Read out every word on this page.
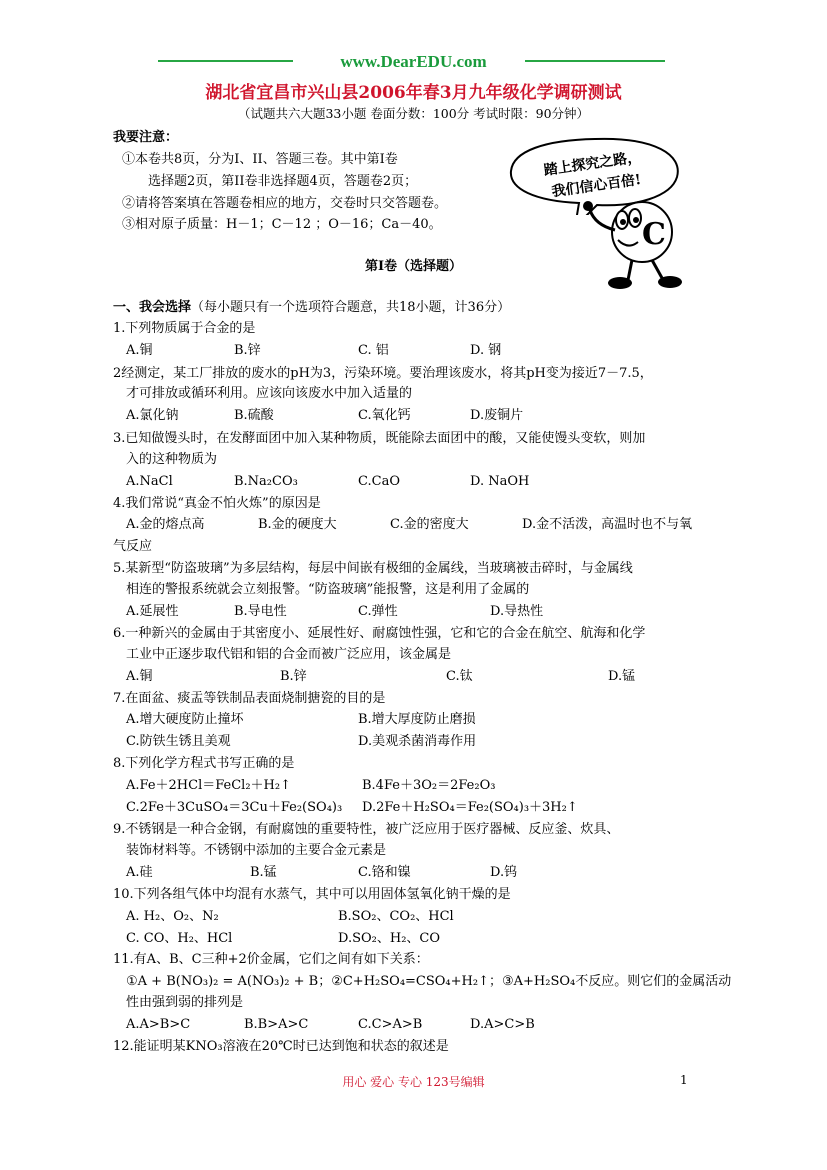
www.DearEDU.com
湖北省宜昌市兴山县2006年春3月九年级化学调研测试
（试题共六大题33小题 卷面分数：100分 考试时限：90分钟）
我要注意：
①本卷共8页，分为Ⅰ、II、答题三卷。其中第Ⅰ卷
选择题2页，第II卷非选择题4页，答题卷2页；
②请将答案填在答题卷相应的地方，交卷时只交答题卷。
③相对原子质量：H－1；C－12 ；O－16；Ca－40。
踏上探究之路，
我们信心百倍!
C
第Ⅰ卷（选择题）
一、我会选择（每小题只有一个选项符合题意，共18小题，计36分）
1.下列物质属于合金的是
A.铜	B.锌	C. 铝	D. 钢
2经测定，某工厂排放的废水的pH为3，污染环境。要治理该废水，将其pH变为接近7－7.5，
才可排放或循环利用。应该向该废水中加入适量的
A.氯化钠	B.硫酸	C.氧化钙	D.废铜片
3.已知做馒头时，在发酵面团中加入某种物质，既能除去面团中的酸，又能使馒头变软，则加
入的这种物质为
A.NaCl	B.Na₂CO₃	C.CaO	D. NaOH
4.我们常说“真金不怕火炼”的原因是
A.金的熔点高	B.金的硬度大	C.金的密度大	D.金不活泼，高温时也不与氧
气反应
5.某新型“防盗玻璃”为多层结构，每层中间嵌有极细的金属线，当玻璃被击碎时，与金属线
相连的警报系统就会立刻报警。“防盗玻璃”能报警，这是利用了金属的
A.延展性	B.导电性	C.弹性	D.导热性
6.一种新兴的金属由于其密度小、延展性好、耐腐蚀性强，它和它的合金在航空、航海和化学
工业中正逐步取代铝和铝的合金而被广泛应用，该金属是
A.铜	B.锌	C.钛	D.锰
7.在面盆、痰盂等铁制品表面烧制搪瓷的目的是
A.增大硬度防止撞坏	B.增大厚度防止磨损
C.防铁生锈且美观	D.美观杀菌消毒作用
8.下列化学方程式书写正确的是
A.Fe＋2HCl＝FeCl₂＋H₂↑	B.4Fe＋3O₂＝2Fe₂O₃
C.2Fe＋3CuSO₄＝3Cu＋Fe₂(SO₄)₃ D.2Fe＋H₂SO₄＝Fe₂(SO₄)₃＋3H₂↑
9.不锈钢是一种合金钢，有耐腐蚀的重要特性，被广泛应用于医疗器械、反应釜、炊具、
装饰材料等。不锈钢中添加的主要合金元素是
A.硅	B.锰	C.铬和镍	D.钨
10.下列各组气体中均混有水蒸气，其中可以用固体氢氧化钠干燥的是
A. H₂、O₂、N₂	B.SO₂、CO₂、HCl
C. CO、H₂、HCl	D.SO₂、H₂、CO
11.有A、B、C三种+2价金属，它们之间有如下关系：
①A + B(NO₃)₂ = A(NO₃)₂ + B；②C+H₂SO₄=CSO₄+H₂↑；③A+H₂SO₄不反应。则它们的金属活动
性由强到弱的排列是
A.A>B>C	B.B>A>C	C.C>A>B	D.A>C>B
12.能证明某KNO₃溶液在20℃时已达到饱和状态的叙述是
用心 爱心 专心 123号编辑	1
